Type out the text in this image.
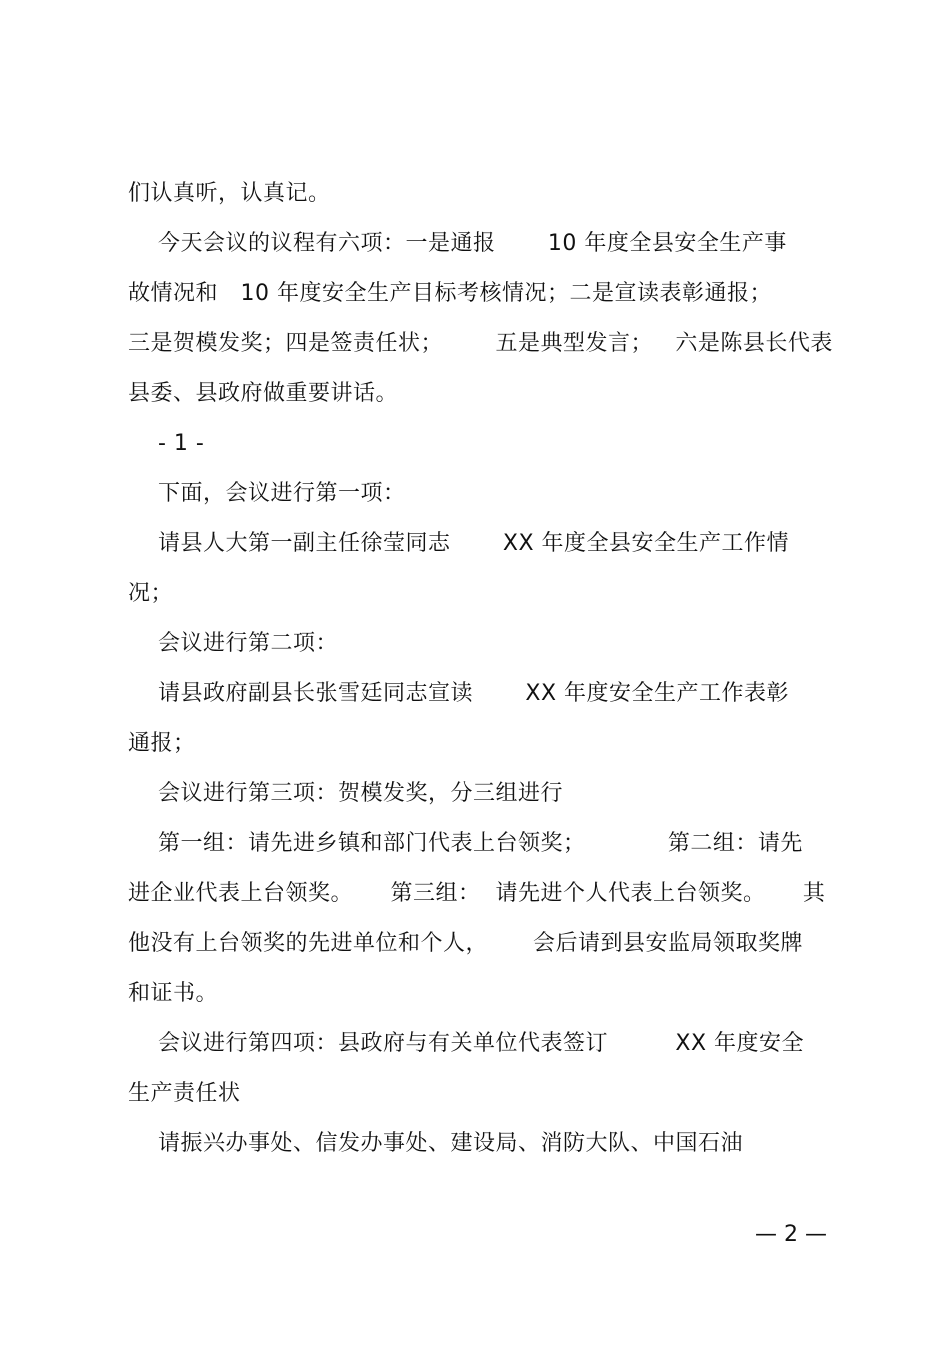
们认真听，认真记。
今天会议的议程有六项：一是通报       10 年度全县安全生产事
故情况和   10 年度安全生产目标考核情况；二是宣读表彰通报；
三是贺模发奖；四是签责任状；       五是典型发言；   六是陈县长代表
县委、县政府做重要讲话。
- 1 -
下面，会议进行第一项：
请县人大第一副主任徐莹同志       XX 年度全县安全生产工作情
况；
会议进行第二项：
请县政府副县长张雪廷同志宣读       XX 年度安全生产工作表彰
通报；
会议进行第三项：贺模发奖，分三组进行
第一组：请先进乡镇和部门代表上台领奖；           第二组：请先
进企业代表上台领奖。     第三组：  请先进个人代表上台领奖。     其
他没有上台领奖的先进单位和个人，      会后请到县安监局领取奖牌
和证书。
会议进行第四项：县政府与有关单位代表签订         XX 年度安全
生产责任状
请振兴办事处、信发办事处、建设局、消防大队、中国石油
— 2 —
